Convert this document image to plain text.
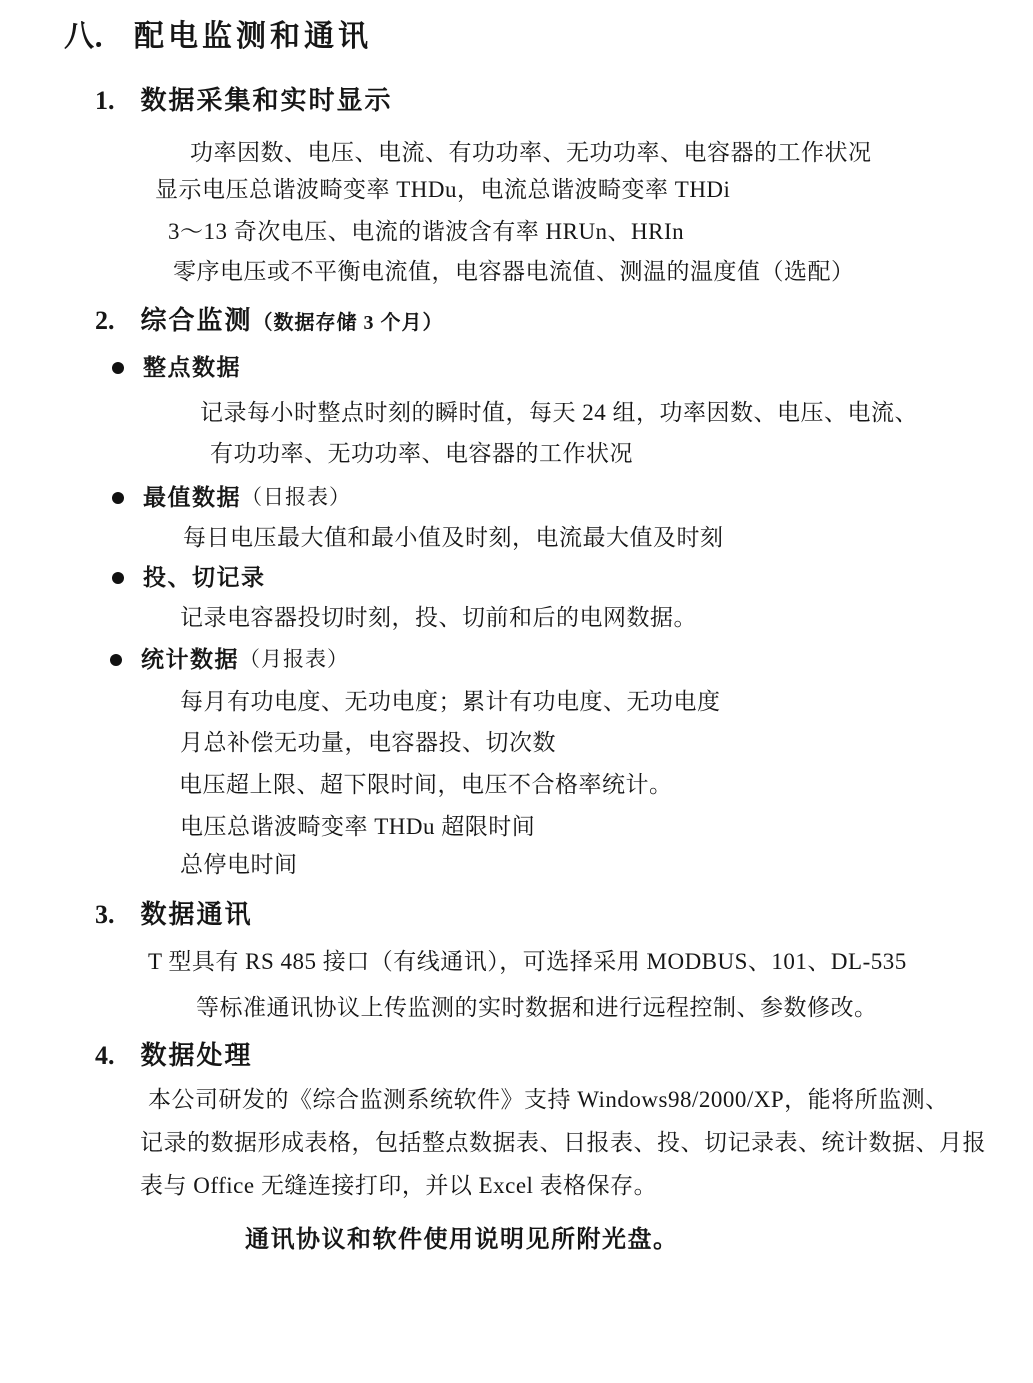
八． 配电监测和通讯
1. 数据采集和实时显示
功率因数、电压、电流、有功功率、无功功率、电容器的工作状况
显示电压总谐波畸变率 THDu，电流总谐波畸变率 THDi
3～13 奇次电压、电流的谐波含有率 HRUn、HRIn
零序电压或不平衡电流值，电容器电流值、测温的温度值（选配）
2. 综合监测（数据存储 3 个月）
整点数据
记录每小时整点时刻的瞬时值，每天 24 组，功率因数、电压、电流、
有功功率、无功功率、电容器的工作状况
最值数据 （日报表）
每日电压最大值和最小值及时刻，电流最大值及时刻
投、切记录
记录电容器投切时刻，投、切前和后的电网数据。
统计数据 （月报表）
每月有功电度、无功电度；累计有功电度、无功电度
月总补偿无功量，电容器投、切次数
电压超上限、超下限时间，电压不合格率统计。
电压总谐波畸变率 THDu 超限时间
总停电时间
3. 数据通讯
T 型具有 RS 485 接口（有线通讯），可选择采用 MODBUS、101、DL-535
等标准通讯协议上传监测的实时数据和进行远程控制、参数修改。
4. 数据处理
本公司研发的《综合监测系统软件》支持 Windows98/2000/XP，能将所监测、
记录的数据形成表格，包括整点数据表、日报表、投、切记录表、统计数据、月报
表与 Office 无缝连接打印，并以 Excel 表格保存。
通讯协议和软件使用说明见所附光盘。
